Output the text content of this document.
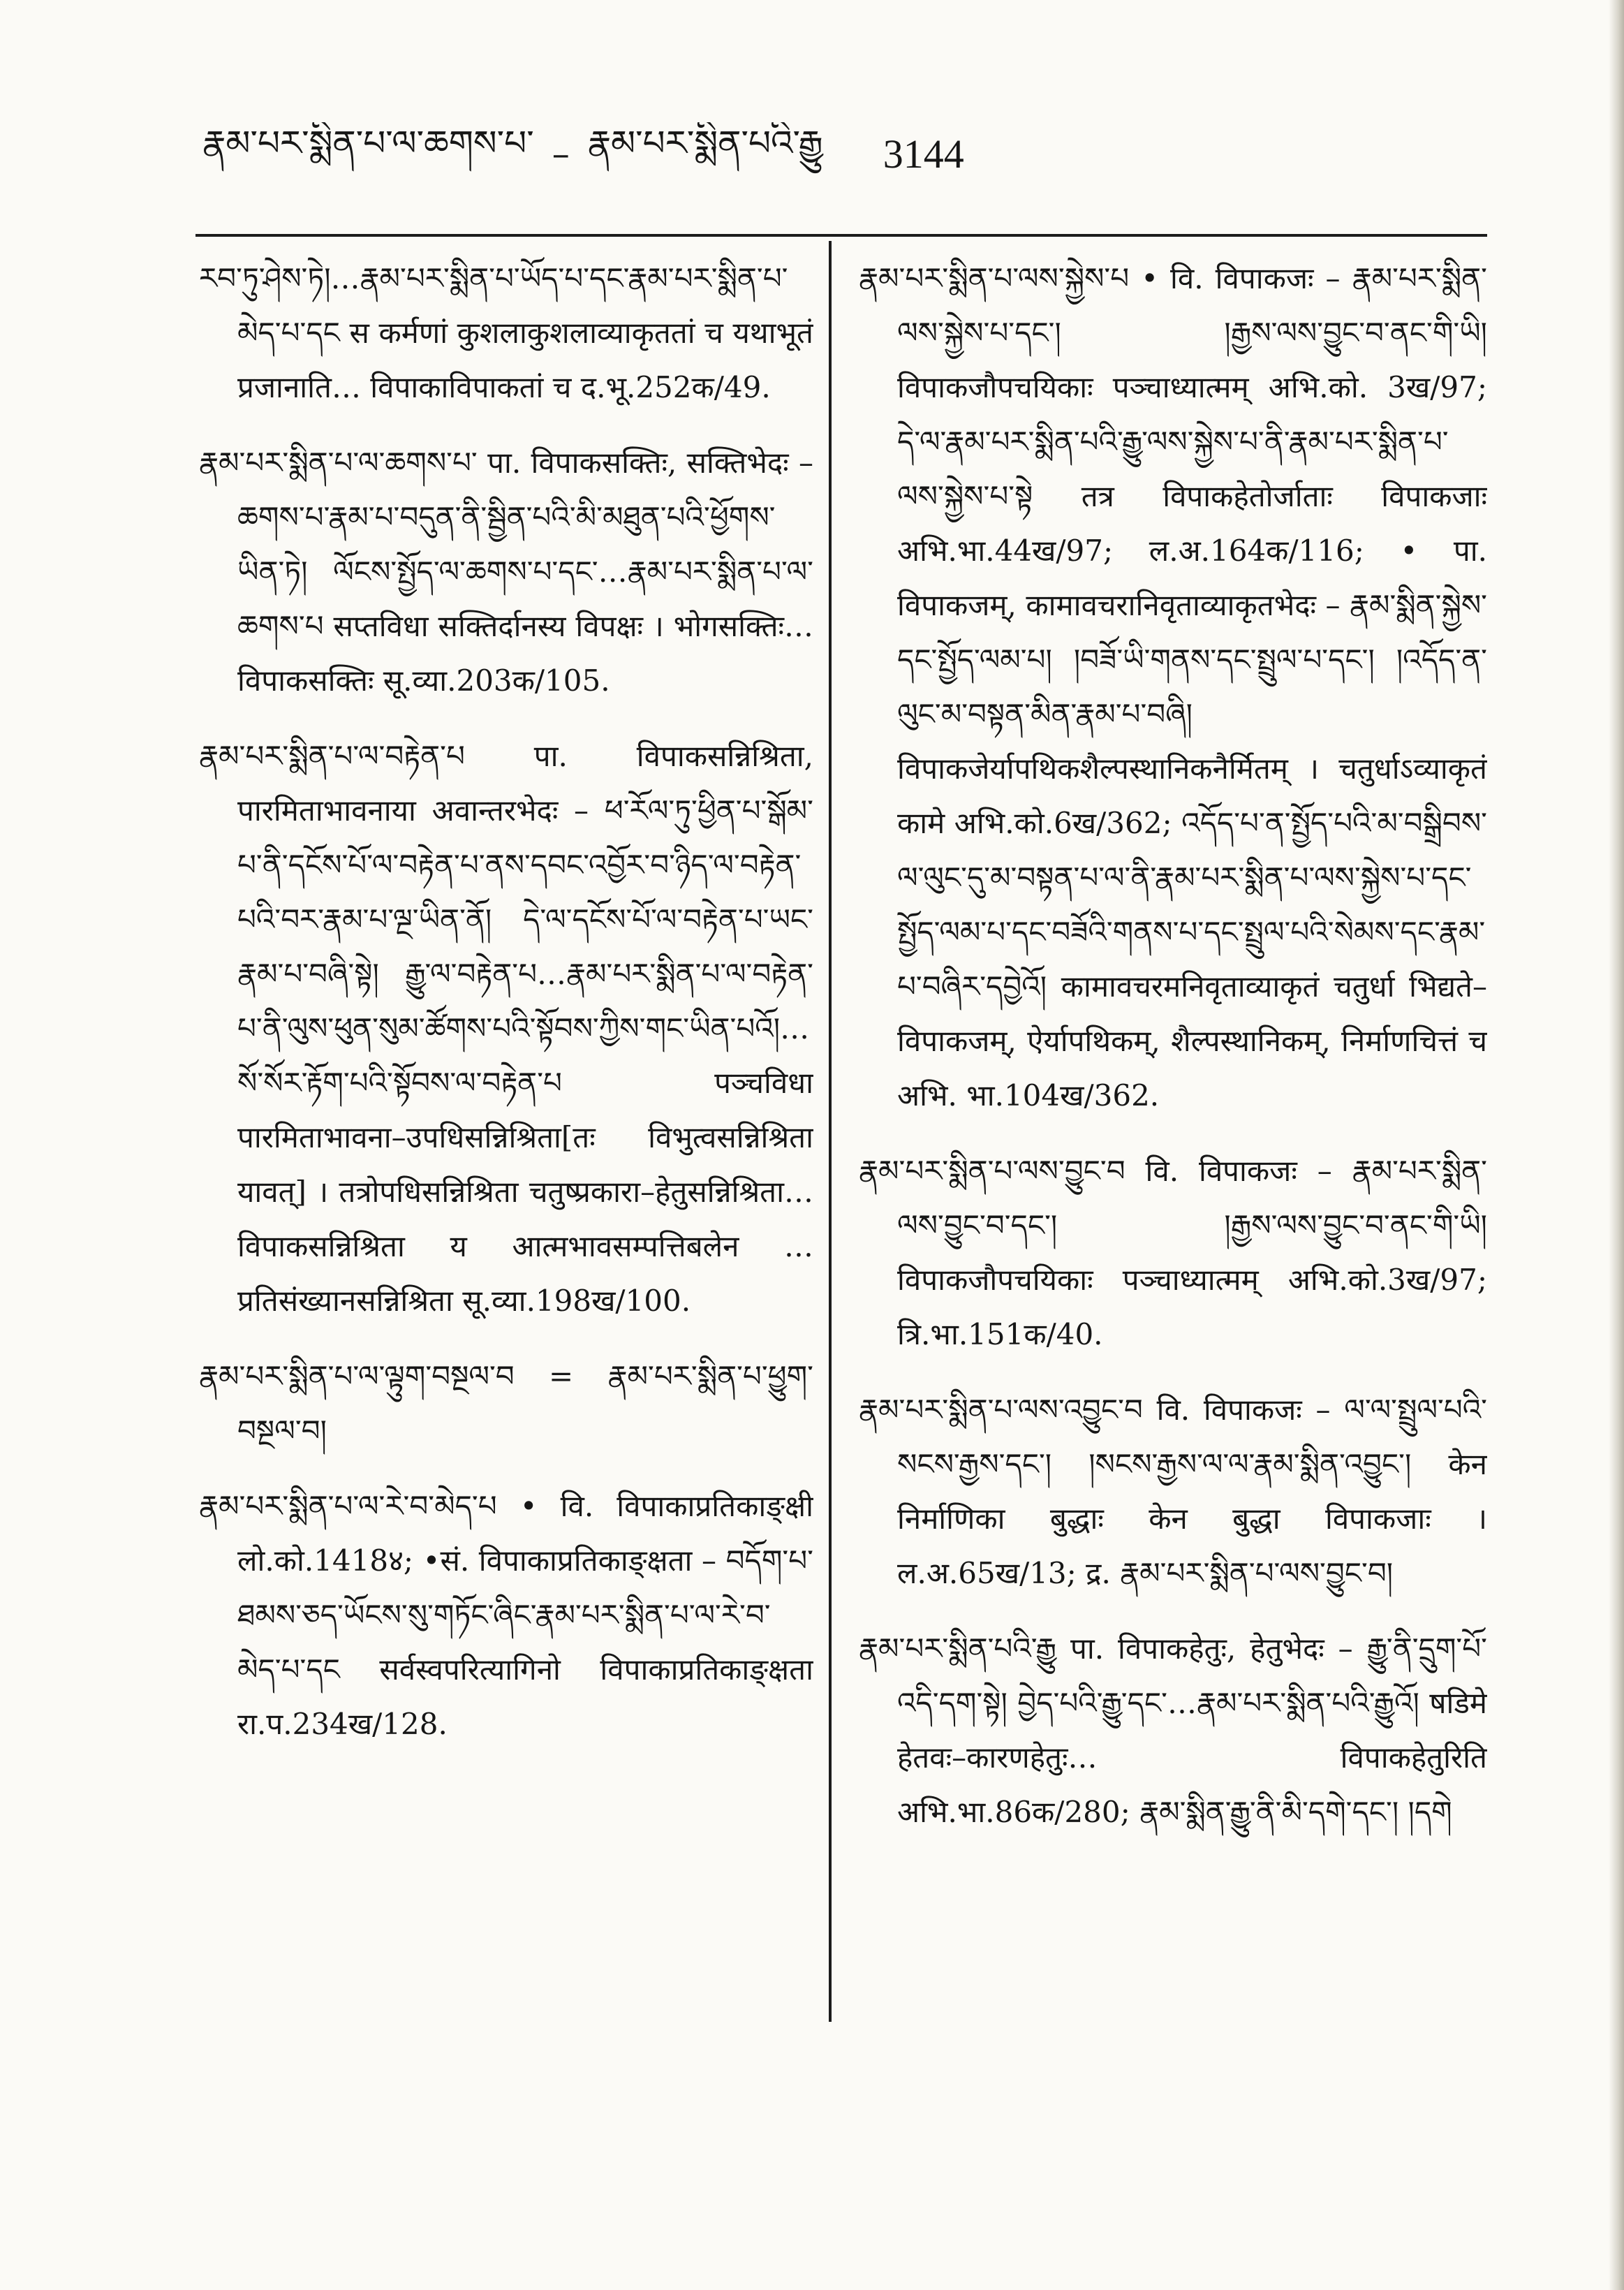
རྣམ་པར་སྨིན་པ་ལ་ཆགས་པ་ – རྣམ་པར་སྨིན་པའི་རྒྱུ 3144

རབ་ཏུ་ཤེས་ཏེ།…རྣམ་པར་སྨིན་པ་ཡོད་པ་དང་རྣམ་པར་སྨིན་པ་མེད་པ་དང स कर्मणां कुशलाकुशलाव्याकृततां च यथाभूतं प्रजानाति… विपाकाविपाकतां च द.भू.252क/49.

རྣམ་པར་སྨིན་པ་ལ་ཆགས་པ་ पा. विपाकसक्तिः, सक्तिभेदः – ཆགས་པ་རྣམ་པ་བདུན་ནི་སྦྱིན་པའི་མི་མཐུན་པའི་ཕྱོགས་ཡིན་ཏེ། ལོངས་སྤྱོད་ལ་ཆགས་པ་དང་…རྣམ་པར་སྨིན་པ་ལ་ཆགས་པ सप्तविधा सक्तिर्दानस्य विपक्षः । भोगसक्तिः… विपाकसक्तिः सू.व्या.203क/105.

རྣམ་པར་སྨིན་པ་ལ་བརྟེན་པ पा. विपाकसन्निश्रिता, पारमिताभावनाया अवान्तरभेदः – ཕ་རོལ་ཏུ་ཕྱིན་པ་སྒོམ་པ་ནི་དངོས་པོ་ལ་བརྟེན་པ་ནས་དབང་འབྱོར་བ་ཉིད་ལ་བརྟེན་པའི་བར་རྣམ་པ་ལྔ་ཡིན་ནོ། དེ་ལ་དངོས་པོ་ལ་བརྟེན་པ་ཡང་རྣམ་པ་བཞི་སྟེ། རྒྱུ་ལ་བརྟེན་པ…རྣམ་པར་སྨིན་པ་ལ་བརྟེན་པ་ནི་ལུས་ཕུན་སུམ་ཚོགས་པའི་སྟོབས་ཀྱིས་གང་ཡིན་པའོ།…སོ་སོར་རྟོག་པའི་སྟོབས་ལ་བརྟེན་པ पञ्चविधा पारमिताभावना–उपधिसन्निश्रिता[तः विभुत्वसन्निश्रिता यावत्] । तत्रोपधिसन्निश्रिता चतुष्प्रकारा–हेतुसन्निश्रिता…विपाकसन्निश्रिता य आत्मभावसम्पत्तिबलेन … प्रतिसंख्यानसन्निश्रिता सू.व्या.198ख/100.

རྣམ་པར་སྨིན་པ་ལ་ལྟུག་བསྔལ་བ = རྣམ་པར་སྨིན་པ་ཕྱུག་བསྔལ་བ།

རྣམ་པར་སྨིན་པ་ལ་རེ་བ་མེད་པ • वि. विपाकाप्रतिकाङ्क्षी लो.को.1418४; •सं. विपाकाप्रतिकाङ्क्षता – བདོག་པ་ཐམས་ཅད་ཡོངས་སུ་གཏོང་ཞིང་རྣམ་པར་སྨིན་པ་ལ་རེ་བ་མེད་པ་དང सर्वस्वपरित्यागिनो विपाकाप्रतिकाङ्क्षता रा.प.234ख/128.

རྣམ་པར་སྨིན་པ་ལས་སྐྱེས་པ • वि. विपाकजः – རྣམ་པར་སྨིན་ལས་སྐྱེས་པ་དང་། །རྒྱས་ལས་བྱུང་བ་ནང་གི་ཡི། विपाकजौपचयिकाः पञ्चाध्यात्मम् अभि.को. 3ख/97; དེ་ལ་རྣམ་པར་སྨིན་པའི་རྒྱུ་ལས་སྐྱེས་པ་ནི་རྣམ་པར་སྨིན་པ་ལས་སྐྱེས་པ་སྟེ तत्र विपाकहेतोर्जाताः विपाकजाः अभि.भा.44ख/97; ल.अ.164क/116; • पा. विपाकजम्, कामावचरानिवृताव्याकृतभेदः – རྣམ་སྨིན་སྐྱེས་དང་སྤྱོད་ལམ་པ། །བཟོ་ཡི་གནས་དང་སྤྲུལ་པ་དང་། །འདོད་ན་ལུང་མ་བསྟན་མིན་རྣམ་པ་བཞི། विपाकजेर्यापथिकशैल्पस्थानिकनैर्मितम् । चतुर्धाऽव्याकृतं कामे अभि.को.6ख/362; འདོད་པ་ན་སྤྱོད་པའི་མ་བསྒྲིབས་ལ་ལུང་དུ་མ་བསྟན་པ་ལ་ནི་རྣམ་པར་སྨིན་པ་ལས་སྐྱེས་པ་དང་སྤྱོད་ལམ་པ་དང་བཟོའི་གནས་པ་དང་སྤྲུལ་པའི་སེམས་དང་རྣམ་པ་བཞིར་དབྱེའོ། कामावचरमनिवृताव्याकृतं चतुर्धा भिद्यते–विपाकजम्, ऐर्यापथिकम्, शैल्पस्थानिकम्, निर्माणचित्तं च अभि. भा.104ख/362.

རྣམ་པར་སྨིན་པ་ལས་བྱུང་བ वि. विपाकजः – རྣམ་པར་སྨིན་ལས་བྱུང་བ་དང་། །རྒྱས་ལས་བྱུང་བ་ནང་གི་ཡི། विपाकजौपचयिकाः पञ्चाध्यात्मम् अभि.को.3ख/97; त्रि.भा.151क/40.

རྣམ་པར་སྨིན་པ་ལས་འབྱུང་བ वि. विपाकजः – ལ་ལ་སྤྲུལ་པའི་སངས་རྒྱས་དང་། །སངས་རྒྱས་ལ་ལ་རྣམ་སྨིན་འབྱུང་། केन निर्माणिका बुद्धाः केन बुद्धा विपाकजाः । ल.अ.65ख/13; द्र. རྣམ་པར་སྨིན་པ་ལས་བྱུང་བ།

རྣམ་པར་སྨིན་པའི་རྒྱུ पा. विपाकहेतुः, हेतुभेदः – རྒྱུ་ནི་དྲུག་པོ་འདི་དག་སྟེ། བྱེད་པའི་རྒྱུ་དང་…རྣམ་པར་སྨིན་པའི་རྒྱུའོ། षडिमे हेतवः–कारणहेतुः… विपाकहेतुरिति अभि.भा.86क/280; རྣམ་སྨིན་རྒྱུ་ནི་མི་དགེ་དང་། །དགེ
